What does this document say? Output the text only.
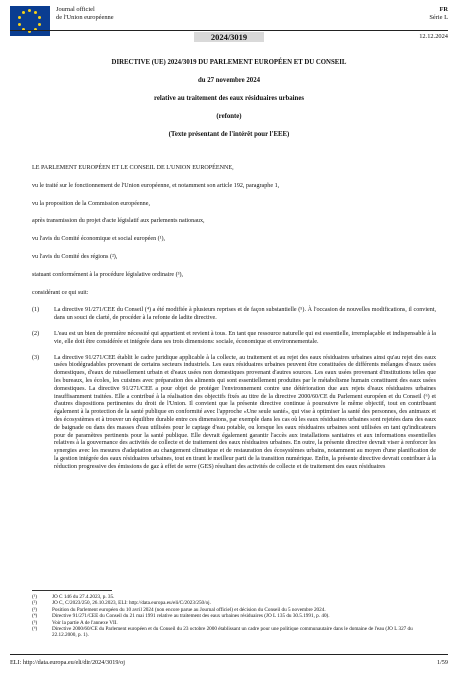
Journal officiel
de l'Union européenne
FR
Série L
2024/3019	12.12.2024
DIRECTIVE (UE) 2024/3019 DU PARLEMENT EUROPÉEN ET DU CONSEIL
du 27 novembre 2024
relative au traitement des eaux résiduaires urbaines
(refonte)
(Texte présentant de l'intérêt pour l'EEE)

LE PARLEMENT EUROPÉEN ET LE CONSEIL DE L'UNION EUROPÉENNE,

vu le traité sur le fonctionnement de l'Union européenne, et notamment son article 192, paragraphe 1,

vu la proposition de la Commission européenne,

après transmission du projet d'acte législatif aux parlements nationaux,

vu l'avis du Comité économique et social européen (¹),

vu l'avis du Comité des régions (²),

statuant conformément à la procédure législative ordinaire (³),

considérant ce qui suit:

(1) La directive 91/271/CEE du Conseil (⁴) a été modifiée à plusieurs reprises et de façon substantielle (⁵). À l'occasion de nouvelles modifications, il convient, dans un souci de clarté, de procéder à la refonte de ladite directive.
(2) L'eau est un bien de première nécessité qui appartient et revient à tous. En tant que ressource naturelle qui est essentielle, irremplaçable et indispensable à la vie, elle doit être considérée et intégrée dans ses trois dimensions: sociale, économique et environnementale.
(3) La directive 91/271/CEE établit le cadre juridique applicable à la collecte, au traitement et au rejet des eaux résiduaires urbaines ainsi qu'au rejet des eaux usées biodégradables provenant de certains secteurs industriels. Les eaux résiduaires urbaines peuvent être constituées de différents mélanges d'eaux usées domestiques, d'eaux de ruissellement urbain et d'eaux usées non domestiques provenant d'autres sources. Les eaux usées provenant d'institutions telles que les bureaux, les écoles, les cuisines avec préparation des aliments qui sont essentiellement produites par le métabolisme humain constituent des eaux usées domestiques. La directive 91/271/CEE a pour objet de protéger l'environnement contre une détérioration due aux rejets d'eaux résiduaires urbaines insuffisamment traitées. Elle a contribué à la réalisation des objectifs fixés au titre de la directive 2000/60/CE du Parlement européen et du Conseil (⁶) et d'autres dispositions pertinentes du droit de l'Union. Il convient que la présente directive continue à poursuivre le même objectif, tout en contribuant également à la protection de la santé publique en conformité avec l'approche «Une seule santé», qui vise à optimiser la santé des personnes, des animaux et des écosystèmes et à trouver un équilibre durable entre ces dimensions, par exemple dans les cas où les eaux résiduaires urbaines sont rejetées dans des eaux de baignade ou dans des masses d'eau utilisées pour le captage d'eau potable, ou lorsque les eaux résiduaires urbaines sont utilisées en tant qu'indicateurs pour de paramètres pertinents pour la santé publique. Elle devrait également garantir l'accès aux installations sanitaires et aux informations essentielles relatives à la gouvernance des activités de collecte et de traitement des eaux résiduaires urbaines. En outre, la présente directive devrait viser à renforcer les synergies avec les mesures d'adaptation au changement climatique et de restauration des écosystèmes urbains, notamment au moyen d'une planification de la gestion intégrée des eaux résiduaires urbaines, tout en tirant le meilleur parti de la transition numérique. Enfin, la présente directive devrait contribuer à la réduction progressive des émissions de gaz à effet de serre (GES) résultant des activités de collecte et de traitement des eaux résiduaires
(¹)	JO C 146 du 27.4.2023, p. 35.
(²)	JO C, C/2023/250, 26.10.2023, ELI: http://data.europa.eu/eli/C/2023/250/oj.
(³)	Position du Parlement européen du 10 avril 2024 (non encore parue au Journal officiel) et décision du Conseil du 5 novembre 2024.
(⁴)	Directive 91/271/CEE du Conseil du 21 mai 1991 relative au traitement des eaux urbaines résiduaires (JO L 135 du 30.5.1991, p. 40).
(⁵)	Voir la partie A de l'annexe VII.
(⁶)	Directive 2000/60/CE du Parlement européen et du Conseil du 23 octobre 2000 établissant un cadre pour une politique communautaire dans le domaine de l'eau (JO L 327 du 22.12.2000, p. 1).
ELI: http://data.europa.eu/eli/dir/2024/3019/oj	1/59
